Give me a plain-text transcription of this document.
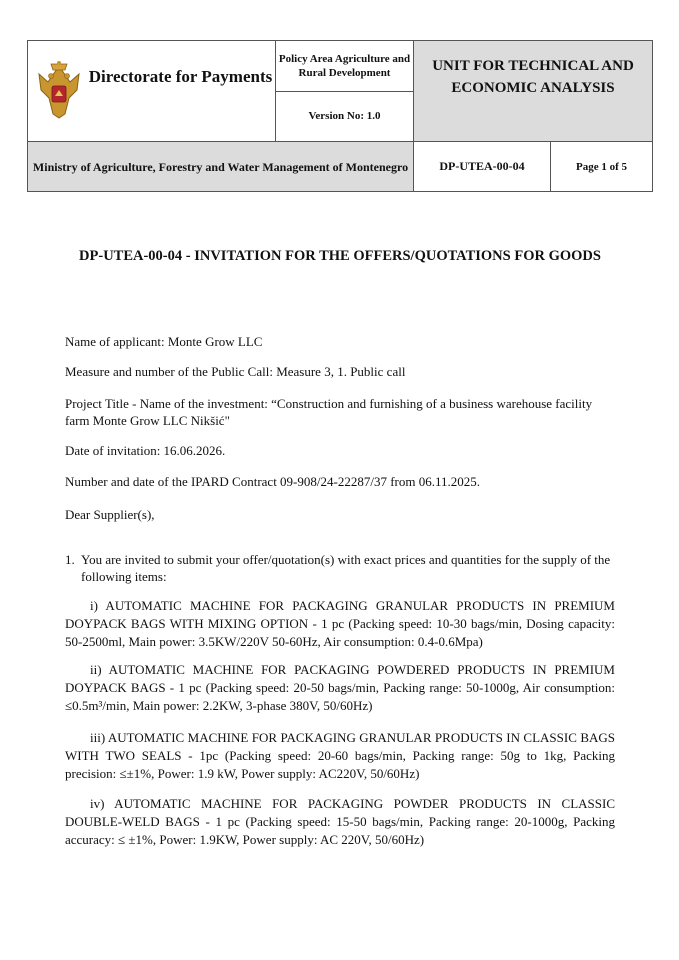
Directorate for Payments	Policy Area Agriculture and Rural Development	UNIT FOR TECHNICAL AND ECONOMIC ANALYSIS	
	Version No: 1.0		
Ministry of Agriculture, Forestry and Water Management of Montenegro		DP-UTEA-00-04	Page 1 of 5
DP-UTEA-00-04 - INVITATION FOR THE OFFERS/QUOTATIONS FOR GOODS

Name of applicant: Monte Grow LLC

Measure and number of the Public Call: Measure 3, 1. Public call

Project Title - Name of the investment: “Construction and furnishing of a business warehouse facility farm Monte Grow LLC Nikšić"

Date of invitation: 16.06.2026.

Number and date of the IPARD Contract 09-908/24-22287/37 from 06.11.2025.

Dear Supplier(s),

1. You are invited to submit your offer/quotation(s) with exact prices and quantities for the supply of the following items:

i) AUTOMATIC MACHINE FOR PACKAGING GRANULAR PRODUCTS IN PREMIUM DOYPACK BAGS WITH MIXING OPTION - 1 pc (Packing speed: 10-30 bags/min, Dosing capacity: 50-2500ml, Main power: 3.5KW/220V 50-60Hz, Air consumption: 0.4-0.6Mpa)

ii) AUTOMATIC MACHINE FOR PACKAGING POWDERED PRODUCTS IN PREMIUM DOYPACK BAGS - 1 pc (Packing speed: 20-50 bags/min, Packing range: 50-1000g, Air consumption: ≤0.5m³/min, Main power: 2.2KW, 3-phase 380V, 50/60Hz)

iii) AUTOMATIC MACHINE FOR PACKAGING GRANULAR PRODUCTS IN CLASSIC BAGS WITH TWO SEALS - 1pc (Packing speed: 20-60 bags/min, Packing range: 50g to 1kg, Packing precision: ≤±1%, Power: 1.9 kW, Power supply: AC220V, 50/60Hz)

iv) AUTOMATIC MACHINE FOR PACKAGING POWDER PRODUCTS IN CLASSIC DOUBLE-WELD BAGS - 1 pc (Packing speed: 15-50 bags/min, Packing range: 20-1000g, Packing accuracy: ≤ ±1%, Power: 1.9KW, Power supply: AC 220V, 50/60Hz)
